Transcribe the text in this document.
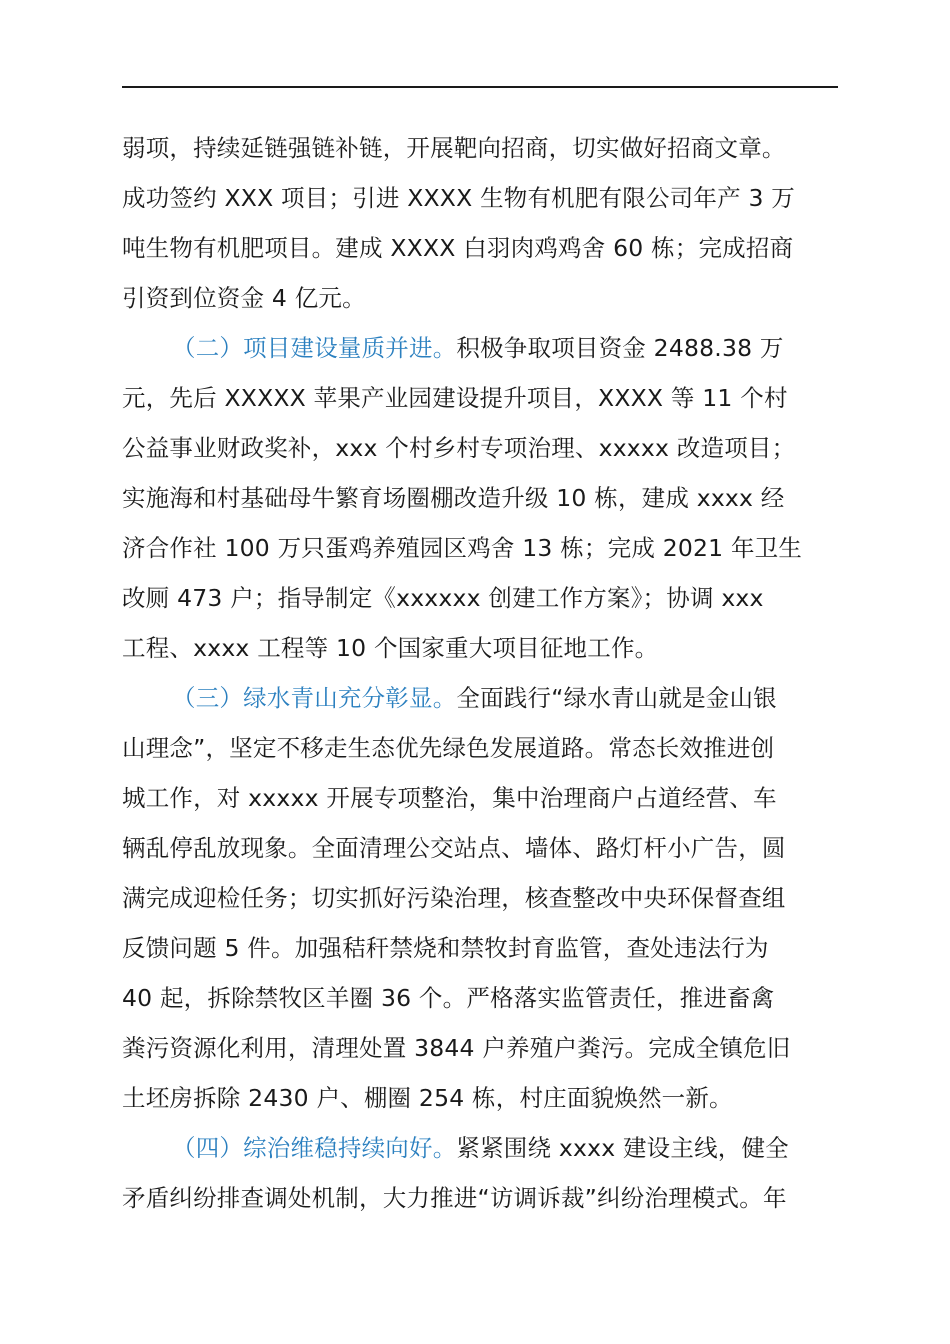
弱项，持续延链强链补链，开展靶向招商，切实做好招商文章。
成功签约 XXX 项目；引进 XXXX 生物有机肥有限公司年产 3 万
吨生物有机肥项目。建成 XXXX 白羽肉鸡鸡舍 60 栋；完成招商
引资到位资金 4 亿元。
（二）项目建设量质并进。积极争取项目资金 2488.38 万
元，先后 XXXXX 苹果产业园建设提升项目，XXXX 等 11 个村
公益事业财政奖补，xxx 个村乡村专项治理、xxxxx 改造项目；
实施海和村基础母牛繁育场圈棚改造升级 10 栋，建成 xxxx 经
济合作社 100 万只蛋鸡养殖园区鸡舍 13 栋；完成 2021 年卫生
改厕 473 户；指导制定《xxxxxx 创建工作方案》；协调 xxx
工程、xxxx 工程等 10 个国家重大项目征地工作。
（三）绿水青山充分彰显。全面践行“绿水青山就是金山银
山理念”，坚定不移走生态优先绿色发展道路。常态长效推进创
城工作，对 xxxxx 开展专项整治，集中治理商户占道经营、车
辆乱停乱放现象。全面清理公交站点、墙体、路灯杆小广告，圆
满完成迎检任务；切实抓好污染治理，核查整改中央环保督查组
反馈问题 5 件。加强秸秆禁烧和禁牧封育监管，查处违法行为
40 起，拆除禁牧区羊圈 36 个。严格落实监管责任，推进畜禽
粪污资源化利用，清理处置 3844 户养殖户粪污。完成全镇危旧
土坯房拆除 2430 户、棚圈 254 栋，村庄面貌焕然一新。
（四）综治维稳持续向好。紧紧围绕 xxxx 建设主线，健全
矛盾纠纷排查调处机制，大力推进“访调诉裁”纠纷治理模式。年
